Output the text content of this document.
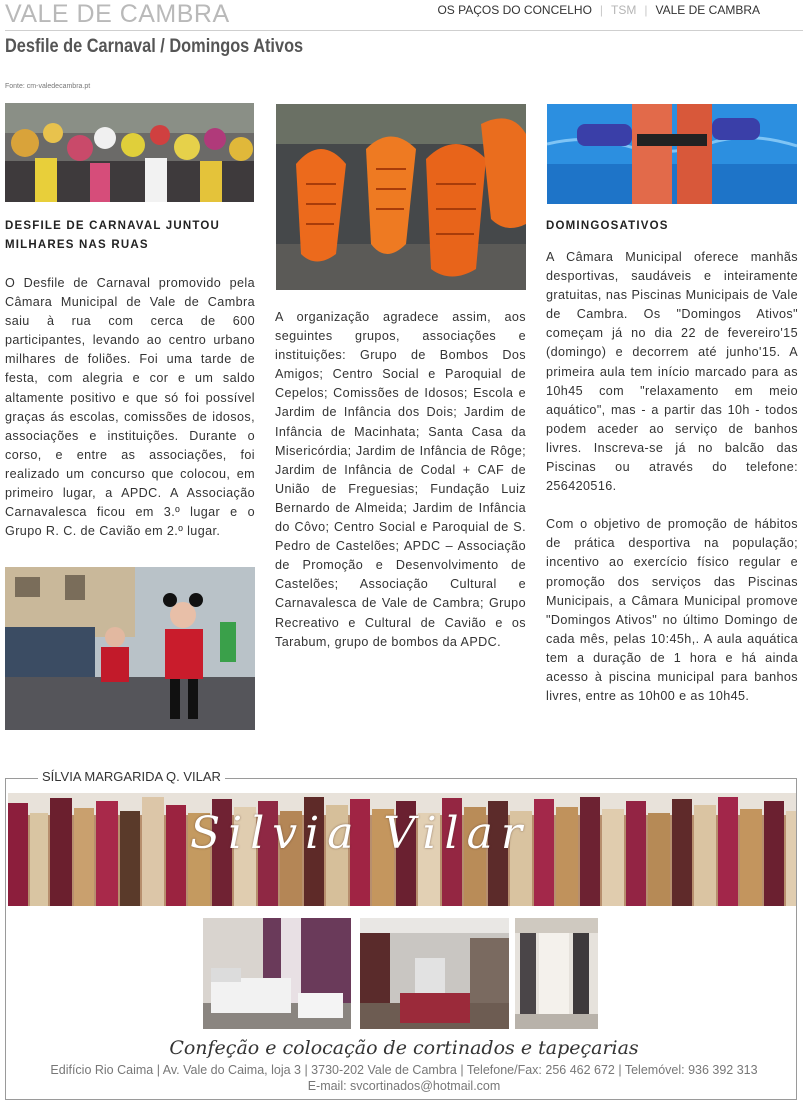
VALE DE CAMBRA	OS PAÇOS DO CONCELHO | TSM | VALE DE CAMBRA
Desfile de Carnaval / Domingos Ativos
Fonte: cm-valedecambra.pt
DESFILE DE CARNAVAL JUNTOU MILHARES NAS RUAS
O Desfile de Carnaval promovido pela Câmara Municipal de Vale de Cambra saiu à rua com cerca de 600 participantes, levando ao centro urbano milhares de foliões. Foi uma tarde de festa, com alegria e cor e um saldo altamente positivo e que só foi possível graças ás escolas, comissões de idosos, associações e instituições. Durante o corso, e entre as associações, foi realizado um concurso que colocou, em primeiro lugar, a APDC. A Associação Carnavalesca ficou em 3.º lugar e o Grupo R. C. de Cavião em 2.º lugar.
A organização agradece assim, aos seguintes grupos, associações e instituições: Grupo de Bombos Dos Amigos; Centro Social e Paroquial de Cepelos; Comissões de Idosos; Escola e Jardim de Infância dos Dois; Jardim de Infância de Macinhata; Santa Casa da Misericórdia; Jardim de Infância de Rôge; Jardim de Infância de Codal + CAF de União de Freguesias; Fundação Luiz Bernardo de Almeida; Jardim de Infância do Côvo; Centro Social e Paroquial de S. Pedro de Castelões; APDC – Associação de Promoção e Desenvolvimento de Castelões; Associação Cultural e Carnavalesca de Vale de Cambra; Grupo Recreativo e Cultural de Cavião e os Tarabum, grupo de bombos da APDC.
DOMINGOSATIVOS
A Câmara Municipal oferece manhãs desportivas, saudáveis e inteiramente gratuitas, nas Piscinas Municipais de Vale de Cambra. Os "Domingos Ativos" começam já no dia 22 de fevereiro'15 (domingo) e decorrem até junho'15. A primeira aula tem início marcado para as 10h45 com "relaxamento em meio aquático", mas - a partir das 10h - todos podem aceder ao serviço de banhos livres. Inscreva-se já no balcão das Piscinas ou através do telefone: 256420516.
Com o objetivo de promoção de hábitos de prática desportiva na população; incentivo ao exercício físico regular e promoção dos serviços das Piscinas Municipais, a Câmara Municipal promove "Domingos Ativos" no último Domingo de cada mês, pelas 10:45h,. A aula aquática tem a duração de 1 hora e há ainda acesso à piscina municipal para banhos livres, entre as 10h00 e as 10h45.
SÍLVIA MARGARIDA Q. VILAR
Silvia Vilar
Confeção e colocação de cortinados e tapeçarias
Edifício Rio Caima | Av. Vale do Caima, loja 3 | 3730-202 Vale de Cambra | Telefone/Fax: 256 462 672 | Telemóvel: 936 392 313
E-mail: svcortinados@hotmail.com
